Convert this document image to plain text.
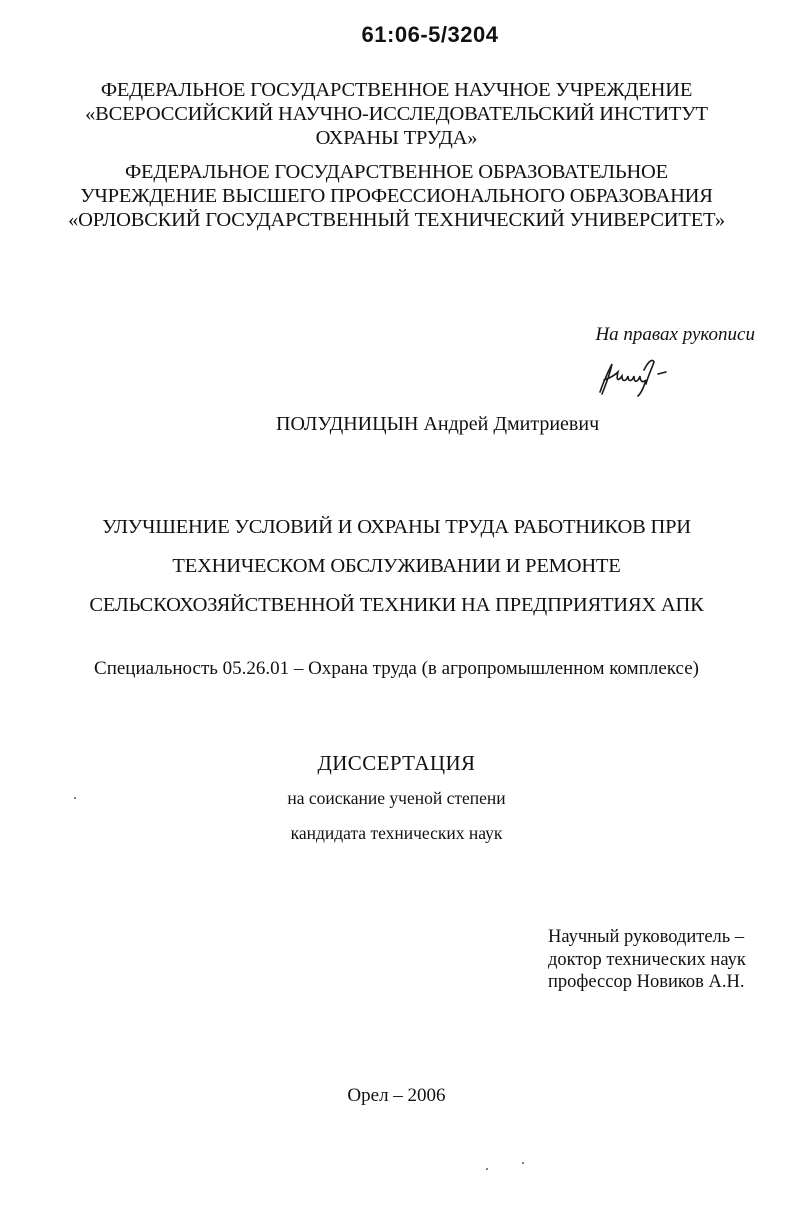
61:06-5/3204
ФЕДЕРАЛЬНОЕ ГОСУДАРСТВЕННОЕ НАУЧНОЕ УЧРЕЖДЕНИЕ
«ВСЕРОССИЙСКИЙ НАУЧНО-ИССЛЕДОВАТЕЛЬСКИЙ ИНСТИТУТ
ОХРАНЫ ТРУДА»
ФЕДЕРАЛЬНОЕ ГОСУДАРСТВЕННОЕ ОБРАЗОВАТЕЛЬНОЕ
УЧРЕЖДЕНИЕ ВЫСШЕГО ПРОФЕССИОНАЛЬНОГО ОБРАЗОВАНИЯ
«ОРЛОВСКИЙ ГОСУДАРСТВЕННЫЙ ТЕХНИЧЕСКИЙ УНИВЕРСИТЕТ»
На правах рукописи
ПОЛУДНИЦЫН Андрей Дмитриевич
УЛУЧШЕНИЕ УСЛОВИЙ И ОХРАНЫ ТРУДА РАБОТНИКОВ ПРИ
ТЕХНИЧЕСКОМ ОБСЛУЖИВАНИИ И РЕМОНТЕ
СЕЛЬСКОХОЗЯЙСТВЕННОЙ ТЕХНИКИ НА ПРЕДПРИЯТИЯХ АПК
Специальность 05.26.01 – Охрана труда (в агропромышленном комплексе)
ДИССЕРТАЦИЯ
на соискание ученой степени
кандидата технических наук
Научный руководитель –
доктор технических наук
профессор Новиков А.Н.
Орел – 2006
